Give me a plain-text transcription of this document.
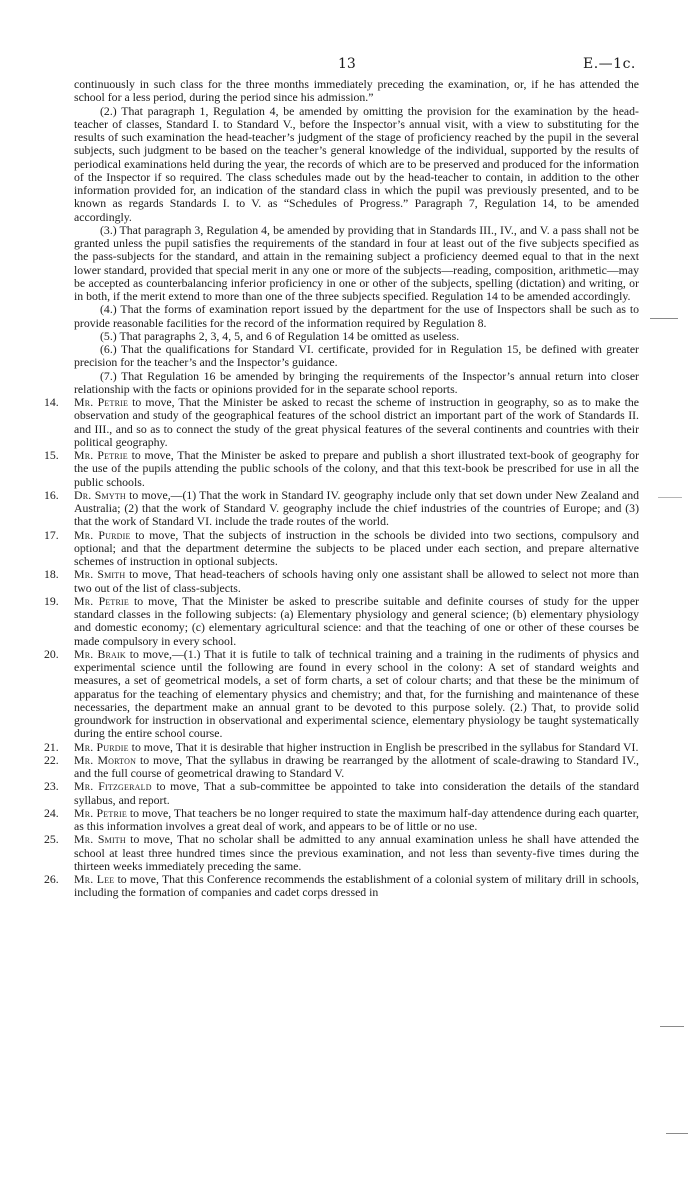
13	E.—1c.

continuously in such class for the three months immediately preceding the examination, or, if he has attended the school for a less period, during the period since his admission.”

(2.) That paragraph 1, Regulation 4, be amended by omitting the provision for the examination by the head-teacher of classes, Standard I. to Standard V., before the Inspector’s annual visit, with a view to substituting for the results of such examination the head-teacher’s judgment of the stage of proficiency reached by the pupil in the several subjects, such judgment to be based on the teacher’s general knowledge of the individual, supported by the results of periodical examinations held during the year, the records of which are to be preserved and produced for the information of the Inspector if so required. The class schedules made out by the head-teacher to contain, in addition to the other information provided for, an indication of the standard class in which the pupil was previously presented, and to be known as regards Standards I. to V. as “Schedules of Progress.” Paragraph 7, Regulation 14, to be amended accordingly.

(3.) That paragraph 3, Regulation 4, be amended by providing that in Standards III., IV., and V. a pass shall not be granted unless the pupil satisfies the requirements of the standard in four at least out of the five subjects specified as the pass-subjects for the standard, and attain in the remaining subject a proficiency deemed equal to that in the next lower standard, provided that special merit in any one or more of the subjects—reading, composition, arithmetic—may be accepted as counterbalancing inferior proficiency in one or other of the subjects, spelling (dictation) and writing, or in both, if the merit extend to more than one of the three subjects specified. Regulation 14 to be amended accordingly.

(4.) That the forms of examination report issued by the department for the use of Inspectors shall be such as to provide reasonable facilities for the record of the information required by Regulation 8.

(5.) That paragraphs 2, 3, 4, 5, and 6 of Regulation 14 be omitted as useless.

(6.) That the qualifications for Standard VI. certificate, provided for in Regulation 15, be defined with greater precision for the teacher’s and the Inspector’s guidance.

(7.) That Regulation 16 be amended by bringing the requirements of the Inspector’s annual return into closer relationship with the facts or opinions provided for in the separate school reports.

14. Mr. Petrie to move, That the Minister be asked to recast the scheme of instruction in geography, so as to make the observation and study of the geographical features of the school district an important part of the work of Standards II. and III., and so as to connect the study of the great physical features of the several continents and countries with their political geography.

15. Mr. Petrie to move, That the Minister be asked to prepare and publish a short illustrated text-book of geography for the use of the pupils attending the public schools of the colony, and that this text-book be prescribed for use in all the public schools.

16. Dr. Smyth to move,—(1) That the work in Standard IV. geography include only that set down under New Zealand and Australia; (2) that the work of Standard V. geography include the chief industries of the countries of Europe; and (3) that the work of Standard VI. include the trade routes of the world.

17. Mr. Purdie to move, That the subjects of instruction in the schools be divided into two sections, compulsory and optional; and that the department determine the subjects to be placed under each section, and prepare alternative schemes of instruction in optional subjects.

18. Mr. Smith to move, That head-teachers of schools having only one assistant shall be allowed to select not more than two out of the list of class-subjects.

19. Mr. Petrie to move, That the Minister be asked to prescribe suitable and definite courses of study for the upper standard classes in the following subjects: (a) Elementary physiology and general science; (b) elementary physiology and domestic economy; (c) elementary agricultural science: and that the teaching of one or other of these courses be made compulsory in every school.

20. Mr. Braik to move,—(1.) That it is futile to talk of technical training and a training in the rudiments of physics and experimental science until the following are found in every school in the colony: A set of standard weights and measures, a set of geometrical models, a set of form charts, a set of colour charts; and that these be the minimum of apparatus for the teaching of elementary physics and chemistry; and that, for the furnishing and maintenance of these necessaries, the department make an annual grant to be devoted to this purpose solely. (2.) That, to provide solid groundwork for instruction in observational and experimental science, elementary physiology be taught systematically during the entire school course.

21. Mr. Purdie to move, That it is desirable that higher instruction in English be prescribed in the syllabus for Standard VI.

22. Mr. Morton to move, That the syllabus in drawing be rearranged by the allotment of scale-drawing to Standard IV., and the full course of geometrical drawing to Standard V.

23. Mr. Fitzgerald to move, That a sub-committee be appointed to take into consideration the details of the standard syllabus, and report.

24. Mr. Petrie to move, That teachers be no longer required to state the maximum half-day attendence during each quarter, as this information involves a great deal of work, and appears to be of little or no use.

25. Mr. Smith to move, That no scholar shall be admitted to any annual examination unless he shall have attended the school at least three hundred times since the previous examination, and not less than seventy-five times during the thirteen weeks immediately preceding the same.

26. Mr. Lee to move, That this Conference recommends the establishment of a colonial system of military drill in schools, including the formation of companies and cadet corps dressed in
